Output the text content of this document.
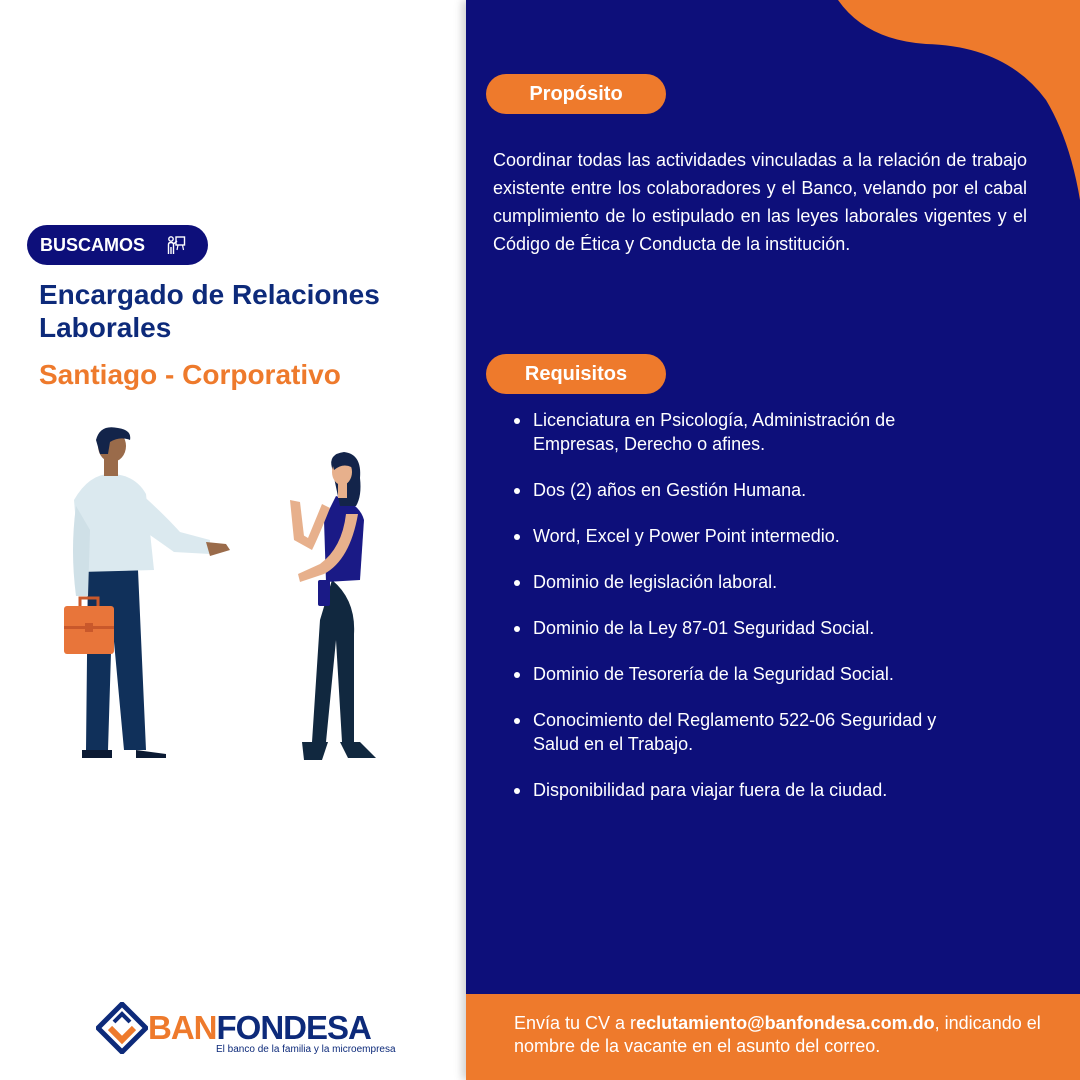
BUSCAMOS
Encargado de Relaciones Laborales
Santiago - Corporativo
BANFONDESA
El banco de la familia y la microempresa
Propósito

Coordinar todas las actividades vinculadas a la relación de trabajo existente entre los colaboradores y el Banco, velando por el cabal cumplimiento de lo estipulado en las leyes laborales vigentes y el Código de Ética y Conducta de la institución.

Requisitos
Licenciatura en Psicología, Administración de Empresas, Derecho o afines.
Dos (2) años en Gestión Humana.
Word, Excel y Power Point intermedio.
Dominio de legislación laboral.
Dominio de la Ley 87-01 Seguridad Social.
Dominio de Tesorería de la Seguridad Social.
Conocimiento del Reglamento 522-06 Seguridad y Salud en el Trabajo.
Disponibilidad para viajar fuera de la ciudad.
Envía tu CV a reclutamiento@banfondesa.com.do, indicando el nombre de la vacante en el asunto del correo.
